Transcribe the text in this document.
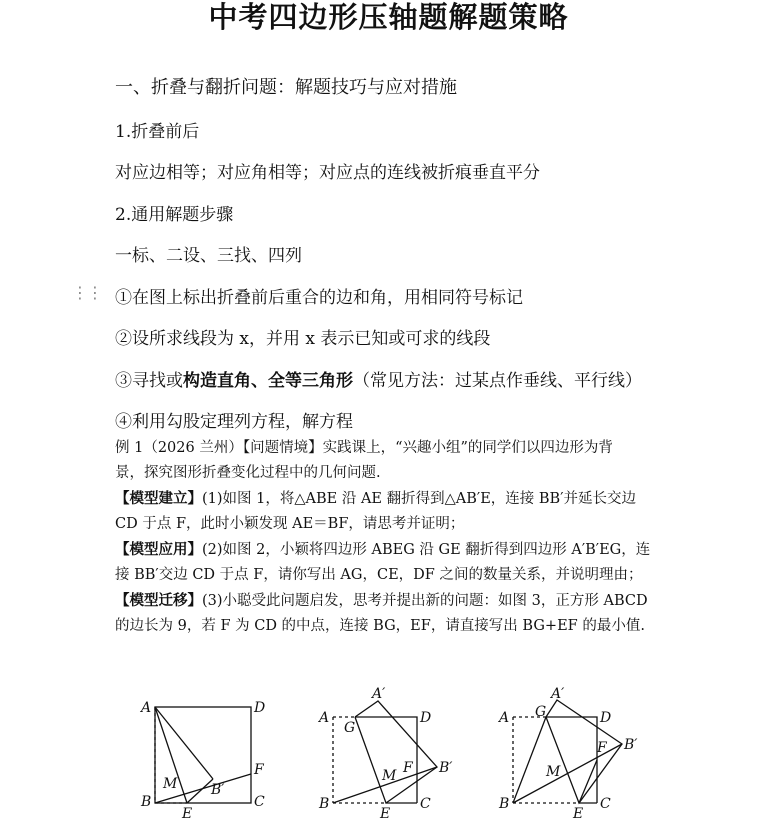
中考四边形压轴题解题策略
一、折叠与翻折问题：解题技巧与应对措施
1.折叠前后
对应边相等；对应角相等；对应点的连线被折痕垂直平分
2.通用解题步骤
一标、二设、三找、四列
⋮⋮ ①在图上标出折叠前后重合的边和角，用相同符号标记
②设所求线段为 x，并用 x 表示已知或可求的线段
③寻找或构造直角、全等三角形（常见方法：过某点作垂线、平行线）
④利用勾股定理列方程，解方程
例 1（2026 兰州）【问题情境】实践课上，“兴趣小组”的同学们以四边形为背
景，探究图形折叠变化过程中的几何问题.
【模型建立】(1)如图 1，将△ABE 沿 AE 翻折得到△AB′E，连接 BB′并延长交边
CD 于点 F，此时小颖发现 AE＝BF，请思考并证明；
【模型应用】(2)如图 2，小颖将四边形 ABEG 沿 GE 翻折得到四边形 A′B′EG，连
接 BB′交边 CD 于点 F，请你写出 AG，CE，DF 之间的数量关系，并说明理由；
【模型迁移】(3)小聪受此问题启发，思考并提出新的问题：如图 3，正方形 ABCD
的边长为 9，若 F 为 CD 的中点，连接 BG，EF，请直接写出 BG+EF 的最小值.
A	D
B	C
E
F
M B′
A	D
B	C
E
F
G
M
A′
B′
A	D
B	C
E
F
G
M
A′
B′
